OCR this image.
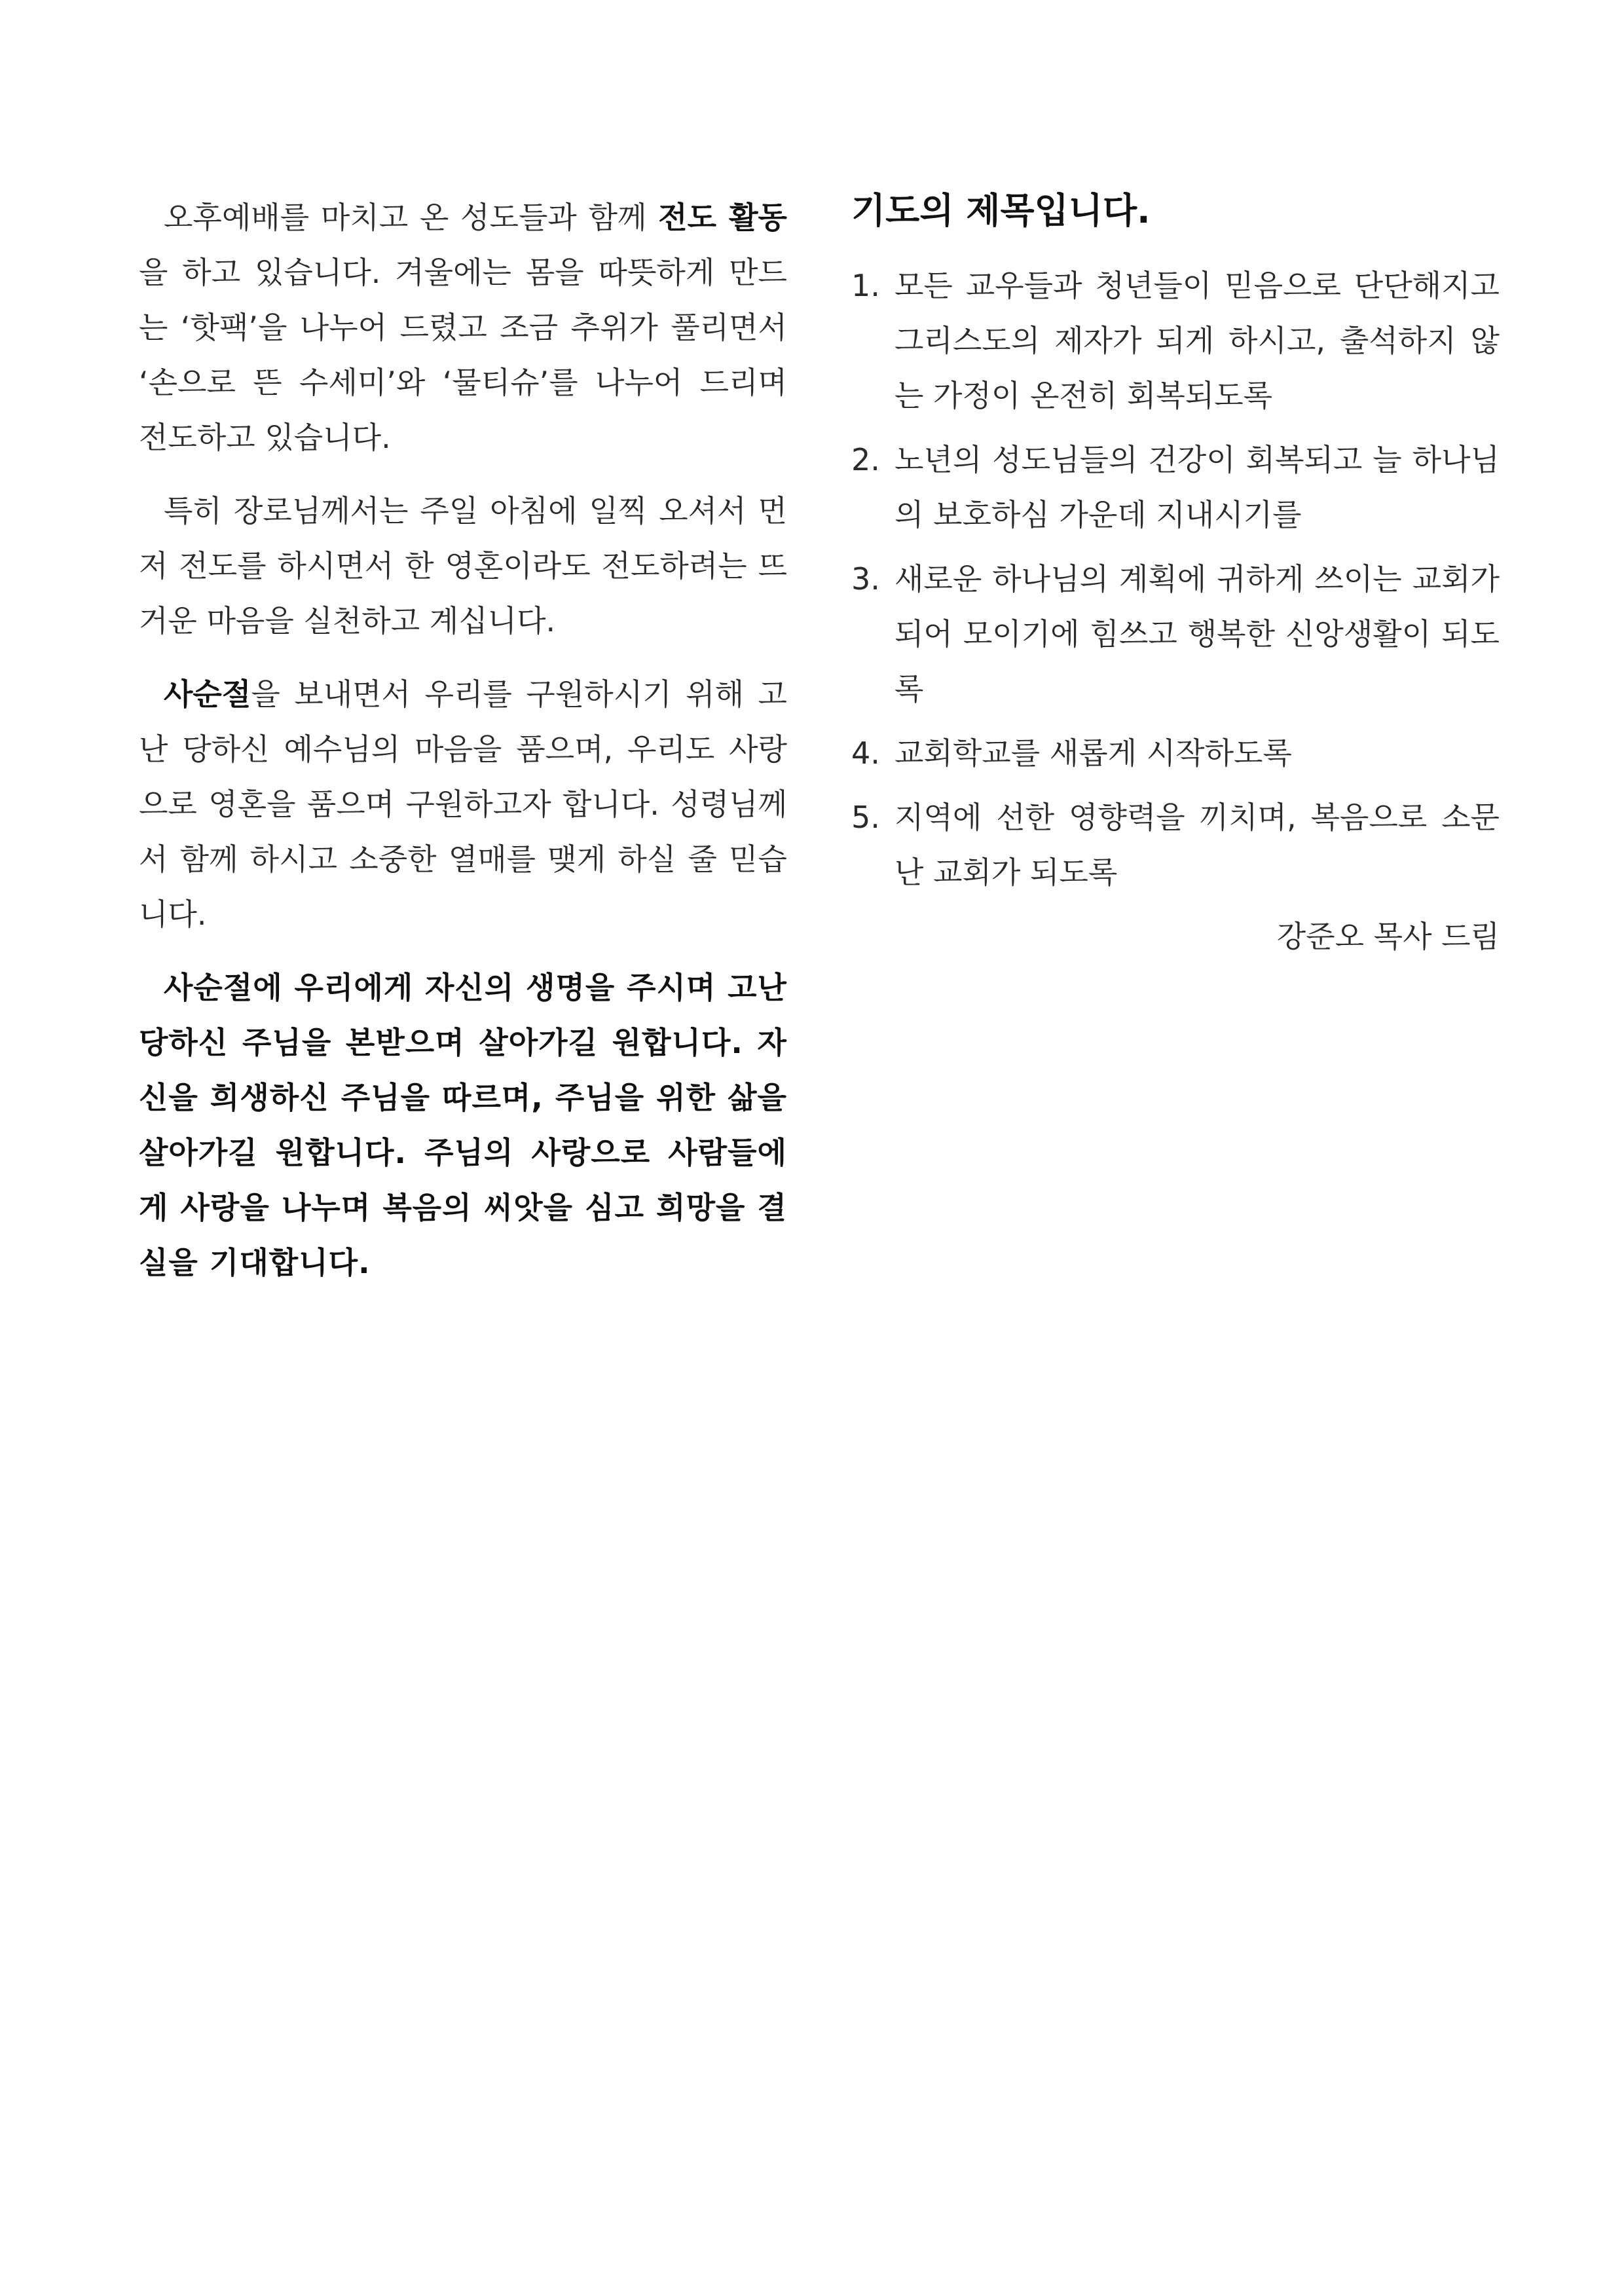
오후예배를 마치고 온 성도들과 함께 전도 활동을 하고 있습니다. 겨울에는 몸을 따뜻하게 만드는 ‘핫팩’을 나누어 드렸고 조금 추위가 풀리면서 ‘손으로 뜬 수세미’와 ‘물티슈’를 나누어 드리며 전도하고 있습니다.

특히 장로님께서는 주일 아침에 일찍 오셔서 먼저 전도를 하시면서 한 영혼이라도 전도하려는 뜨거운 마음을 실천하고 계십니다.

사순절을 보내면서 우리를 구원하시기 위해 고난 당하신 예수님의 마음을 품으며, 우리도 사랑으로 영혼을 품으며 구원하고자 합니다. 성령님께서 함께 하시고 소중한 열매를 맺게 하실 줄 믿습니다.

사순절에 우리에게 자신의 생명을 주시며 고난당하신 주님을 본받으며 살아가길 원합니다. 자신을 희생하신 주님을 따르며, 주님을 위한 삶을 살아가길 원합니다. 주님의 사랑으로 사람들에게 사랑을 나누며 복음의 씨앗을 심고 희망을 결실을 기대합니다.

기도의 제목입니다.
1. 모든 교우들과 청년들이 믿음으로 단단해지고 그리스도의 제자가 되게 하시고, 출석하지 않는 가정이 온전히 회복되도록
2. 노년의 성도님들의 건강이 회복되고 늘 하나님의 보호하심 가운데 지내시기를
3. 새로운 하나님의 계획에 귀하게 쓰이는 교회가 되어 모이기에 힘쓰고 행복한 신앙생활이 되도록
4. 교회학교를 새롭게 시작하도록
5. 지역에 선한 영향력을 끼치며, 복음으로 소문난 교회가 되도록
강준오 목사 드림
